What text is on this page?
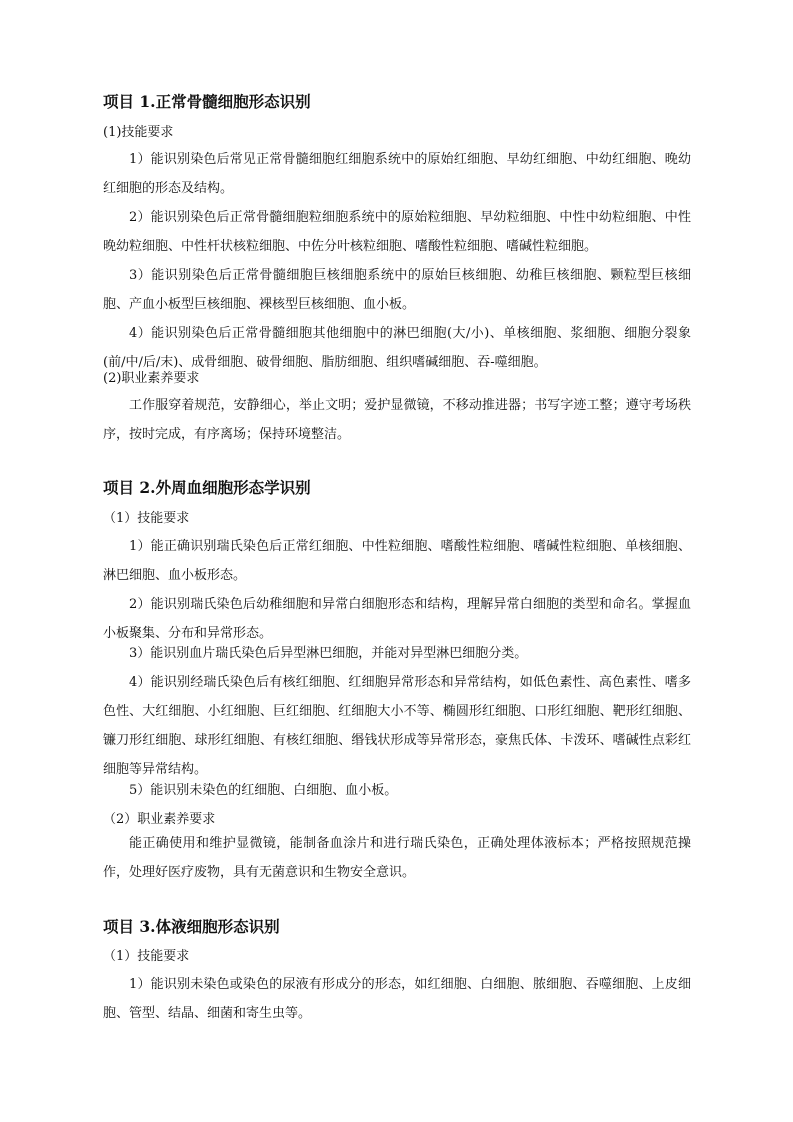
项目 1.正常骨髓细胞形态识别
(1)技能要求
1）能识别染色后常见正常骨髓细胞红细胞系统中的原始红细胞、早幼红细胞、中幼红细胞、晚幼红细胞的形态及结构。
2）能识别染色后正常骨髓细胞粒细胞系统中的原始粒细胞、早幼粒细胞、中性中幼粒细胞、中性晚幼粒细胞、中性杆状核粒细胞、中佐分叶核粒细胞、嗜酸性粒细胞、嗜碱性粒细胞。
3）能识别染色后正常骨髓细胞巨核细胞系统中的原始巨核细胞、幼稚巨核细胞、颗粒型巨核细胞、产血小板型巨核细胞、裸核型巨核细胞、血小板。
4）能识别染色后正常骨髓细胞其他细胞中的淋巴细胞(大/小)、单核细胞、浆细胞、细胞分裂象(前/中/后/末)、成骨细胞、破骨细胞、脂肪细胞、组织嗜碱细胞、吞-噬细胞。
(2)职业素养要求
工作服穿着规范，安静细心，举止文明；爱护显微镜，不移动推进器；书写字迹工整；遵守考场秩序，按时完成，有序离场；保持环境整洁。
项目 2.外周血细胞形态学识别
（1）技能要求
1）能正确识别瑞氏染色后正常红细胞、中性粒细胞、嗜酸性粒细胞、嗜碱性粒细胞、单核细胞、淋巴细胞、血小板形态。
2）能识别瑞氏染色后幼稚细胞和异常白细胞形态和结构，理解异常白细胞的类型和命名。掌握血小板聚集、分布和异常形态。
3）能识别血片瑞氏染色后异型淋巴细胞，并能对异型淋巴细胞分类。
4）能识别经瑞氏染色后有核红细胞、红细胞异常形态和异常结构，如低色素性、高色素性、嗜多色性、大红细胞、小红细胞、巨红细胞、红细胞大小不等、椭圆形红细胞、口形红细胞、靶形红细胞、镰刀形红细胞、球形红细胞、有核红细胞、缗钱状形成等异常形态，豪焦氏体、卡泼环、嗜碱性点彩红细胞等异常结构。
5）能识别未染色的红细胞、白细胞、血小板。
（2）职业素养要求
能正确使用和维护显微镜，能制备血涂片和进行瑞氏染色，正确处理体液标本；严格按照规范操作，处理好医疗废物，具有无菌意识和生物安全意识。
项目 3.体液细胞形态识别
（1）技能要求
1）能识别未染色或染色的尿液有形成分的形态，如红细胞、白细胞、脓细胞、吞噬细胞、上皮细胞、管型、结晶、细菌和寄生虫等。
